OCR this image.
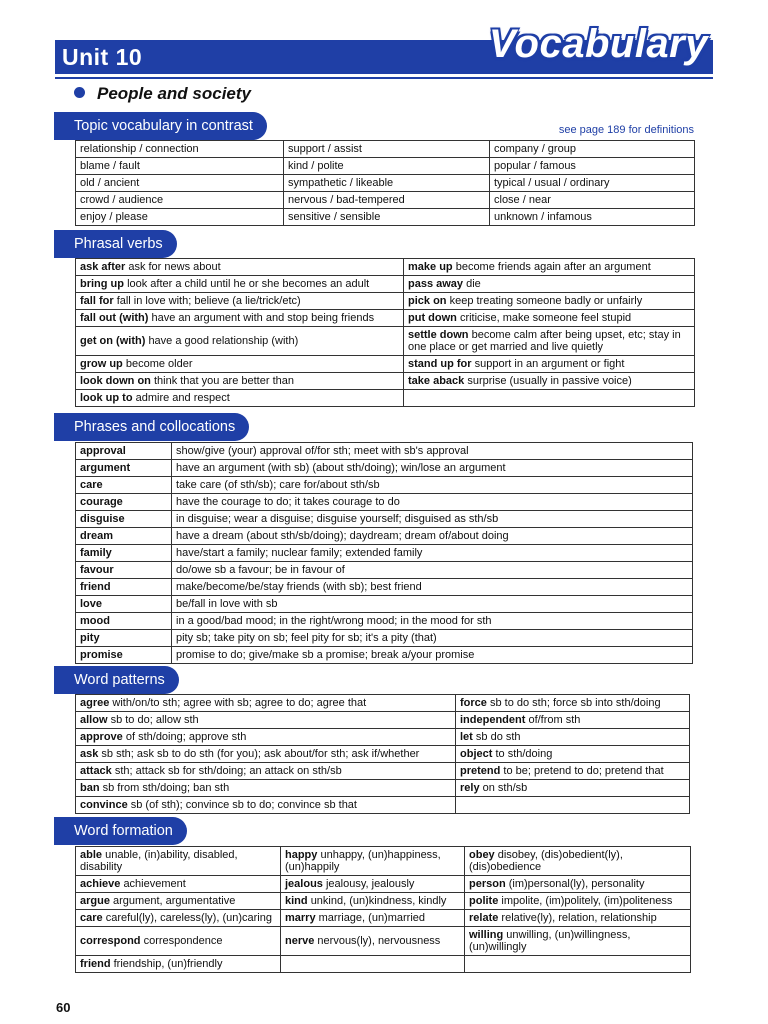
Unit 10	Vocabulary
People and society
Topic vocabulary in contrast	see page 189 for definitions
relationship / connection	support / assist	company / group
blame / fault	kind / polite	popular / famous
old / ancient	sympathetic / likeable	typical / usual / ordinary
crowd / audience	nervous / bad-tempered	close / near
enjoy / please	sensitive / sensible	unknown / infamous
Phrasal verbs
ask after ask for news about	make up become friends again after an argument
bring up look after a child until he or she becomes an adult	pass away die
fall for fall in love with; believe (a lie/trick/etc)	pick on keep treating someone badly or unfairly
fall out (with) have an argument with and stop being friends	put down criticise, make someone feel stupid
get on (with) have a good relationship (with)	settle down become calm after being upset, etc; stay in one place or get married and live quietly
grow up become older	stand up for support in an argument or fight
look down on think that you are better than	take aback surprise (usually in passive voice)
look up to admire and respect	
Phrases and collocations
approval	show/give (your) approval of/for sth; meet with sb's approval
argument	have an argument (with sb) (about sth/doing); win/lose an argument
care	take care (of sth/sb); care for/about sth/sb
courage	have the courage to do; it takes courage to do
disguise	in disguise; wear a disguise; disguise yourself; disguised as sth/sb
dream	have a dream (about sth/sb/doing); daydream; dream of/about doing
family	have/start a family; nuclear family; extended family
favour	do/owe sb a favour; be in favour of
friend	make/become/be/stay friends (with sb); best friend
love	be/fall in love with sb
mood	in a good/bad mood; in the right/wrong mood; in the mood for sth
pity	pity sb; take pity on sb; feel pity for sb; it's a pity (that)
promise	promise to do; give/make sb a promise; break a/your promise
Word patterns
agree with/on/to sth; agree with sb; agree to do; agree that	force sb to do sth; force sb into sth/doing
allow sb to do; allow sth	independent of/from sth
approve of sth/doing; approve sth	let sb do sth
ask sb sth; ask sb to do sth (for you); ask about/for sth; ask if/whether	object to sth/doing
attack sth; attack sb for sth/doing; an attack on sth/sb	pretend to be; pretend to do; pretend that
ban sb from sth/doing; ban sth	rely on sth/sb
convince sb (of sth); convince sb to do; convince sb that	
Word formation
able unable, (in)ability, disabled, disability	happy unhappy, (un)happiness, (un)happily	obey disobey, (dis)obedient(ly), (dis)obedience
achieve achievement	jealous jealousy, jealously	person (im)personal(ly), personality
argue argument, argumentative	kind unkind, (un)kindness, kindly	polite impolite, (im)politely, (im)politeness
care careful(ly), careless(ly), (un)caring	marry marriage, (un)married	relate relative(ly), relation, relationship
correspond correspondence	nerve nervous(ly), nervousness	willing unwilling, (un)willingness, (un)willingly
friend friendship, (un)friendly		
60
